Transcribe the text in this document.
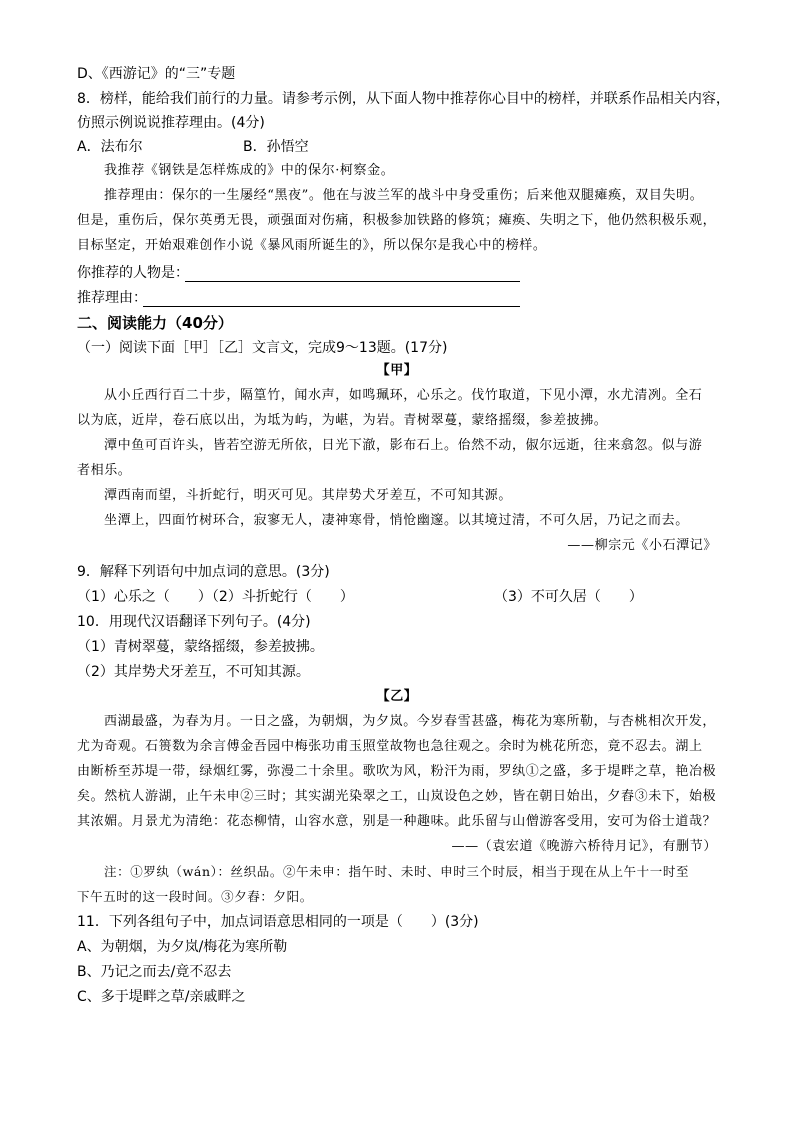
D、《西游记》的“三”专题
8．榜样，能给我们前行的力量。请参考示例，从下面人物中推荐你心目中的榜样，并联系作品相关内容，
仿照示例说说推荐理由。(4分)
A．法布尔	B．孙悟空
我推荐《钢铁是怎样炼成的》中的保尔·柯察金。
推荐理由：保尔的一生屡经“黑夜”。他在与波兰军的战斗中身受重伤；后来他双腿瘫痪，双目失明。
但是，重伤后，保尔英勇无畏，顽强面对伤痛，积极参加铁路的修筑；瘫痪、失明之下，他仍然积极乐观，
目标坚定，开始艰难创作小说《暴风雨所诞生的》，所以保尔是我心中的榜样。
你推荐的人物是：
推荐理由：
二、阅读能力（40分）
（一）阅读下面［甲］［乙］文言文，完成9～13题。(17分)
【甲】
从小丘西行百二十步，隔篁竹，闻水声，如鸣珮环，心乐之。伐竹取道，下见小潭，水尤清冽。全石
以为底，近岸，卷石底以出，为坻为屿，为嵁，为岩。青树翠蔓，蒙络摇缀，参差披拂。
潭中鱼可百许头，皆若空游无所依，日光下澈，影布石上。佁然不动，俶尔远逝，往来翕忽。似与游
者相乐。
潭西南而望，斗折蛇行，明灭可见。其岸势犬牙差互，不可知其源。
坐潭上，四面竹树环合，寂寥无人，凄神寒骨，悄怆幽邃。以其境过清，不可久居，乃记之而去。
——柳宗元《小石潭记》
9．解释下列语句中加点词的意思。(3分)
（1）心乐之（　　）（2）斗折蛇行（　　）	（3）不可久居（　　）
10．用现代汉语翻译下列句子。(4分)
（1）青树翠蔓，蒙络摇缀，参差披拂。
（2）其岸势犬牙差互，不可知其源。
【乙】
西湖最盛，为春为月。一日之盛，为朝烟，为夕岚。今岁春雪甚盛，梅花为寒所勒，与杏桃相次开发，
尤为奇观。石篑数为余言傅金吾园中梅张功甫玉照堂故物也急往观之。余时为桃花所恋，竟不忍去。湖上
由断桥至苏堤一带，绿烟红雾，弥漫二十余里。歌吹为风，粉汗为雨，罗纨①之盛，多于堤畔之草，艳冶极
矣。然杭人游湖，止午未申②三时；其实湖光染翠之工，山岚设色之妙，皆在朝日始出，夕舂③未下，始极
其浓媚。月景尤为清绝：花态柳情，山容水意，别是一种趣味。此乐留与山僧游客受用，安可为俗士道哉？
——（袁宏道《晚游六桥待月记》，有删节）
注：①罗纨（wán）：丝织品。②午未申：指午时、未时、申时三个时辰，相当于现在从上午十一时至
下午五时的这一段时间。③夕舂：夕阳。
11．下列各组句子中，加点词语意思相同的一项是（　　）(3分)
A、为朝烟，为夕岚/梅花为寒所勒
B、乃记之而去/竟不忍去
C、多于堤畔之草/亲戚畔之
